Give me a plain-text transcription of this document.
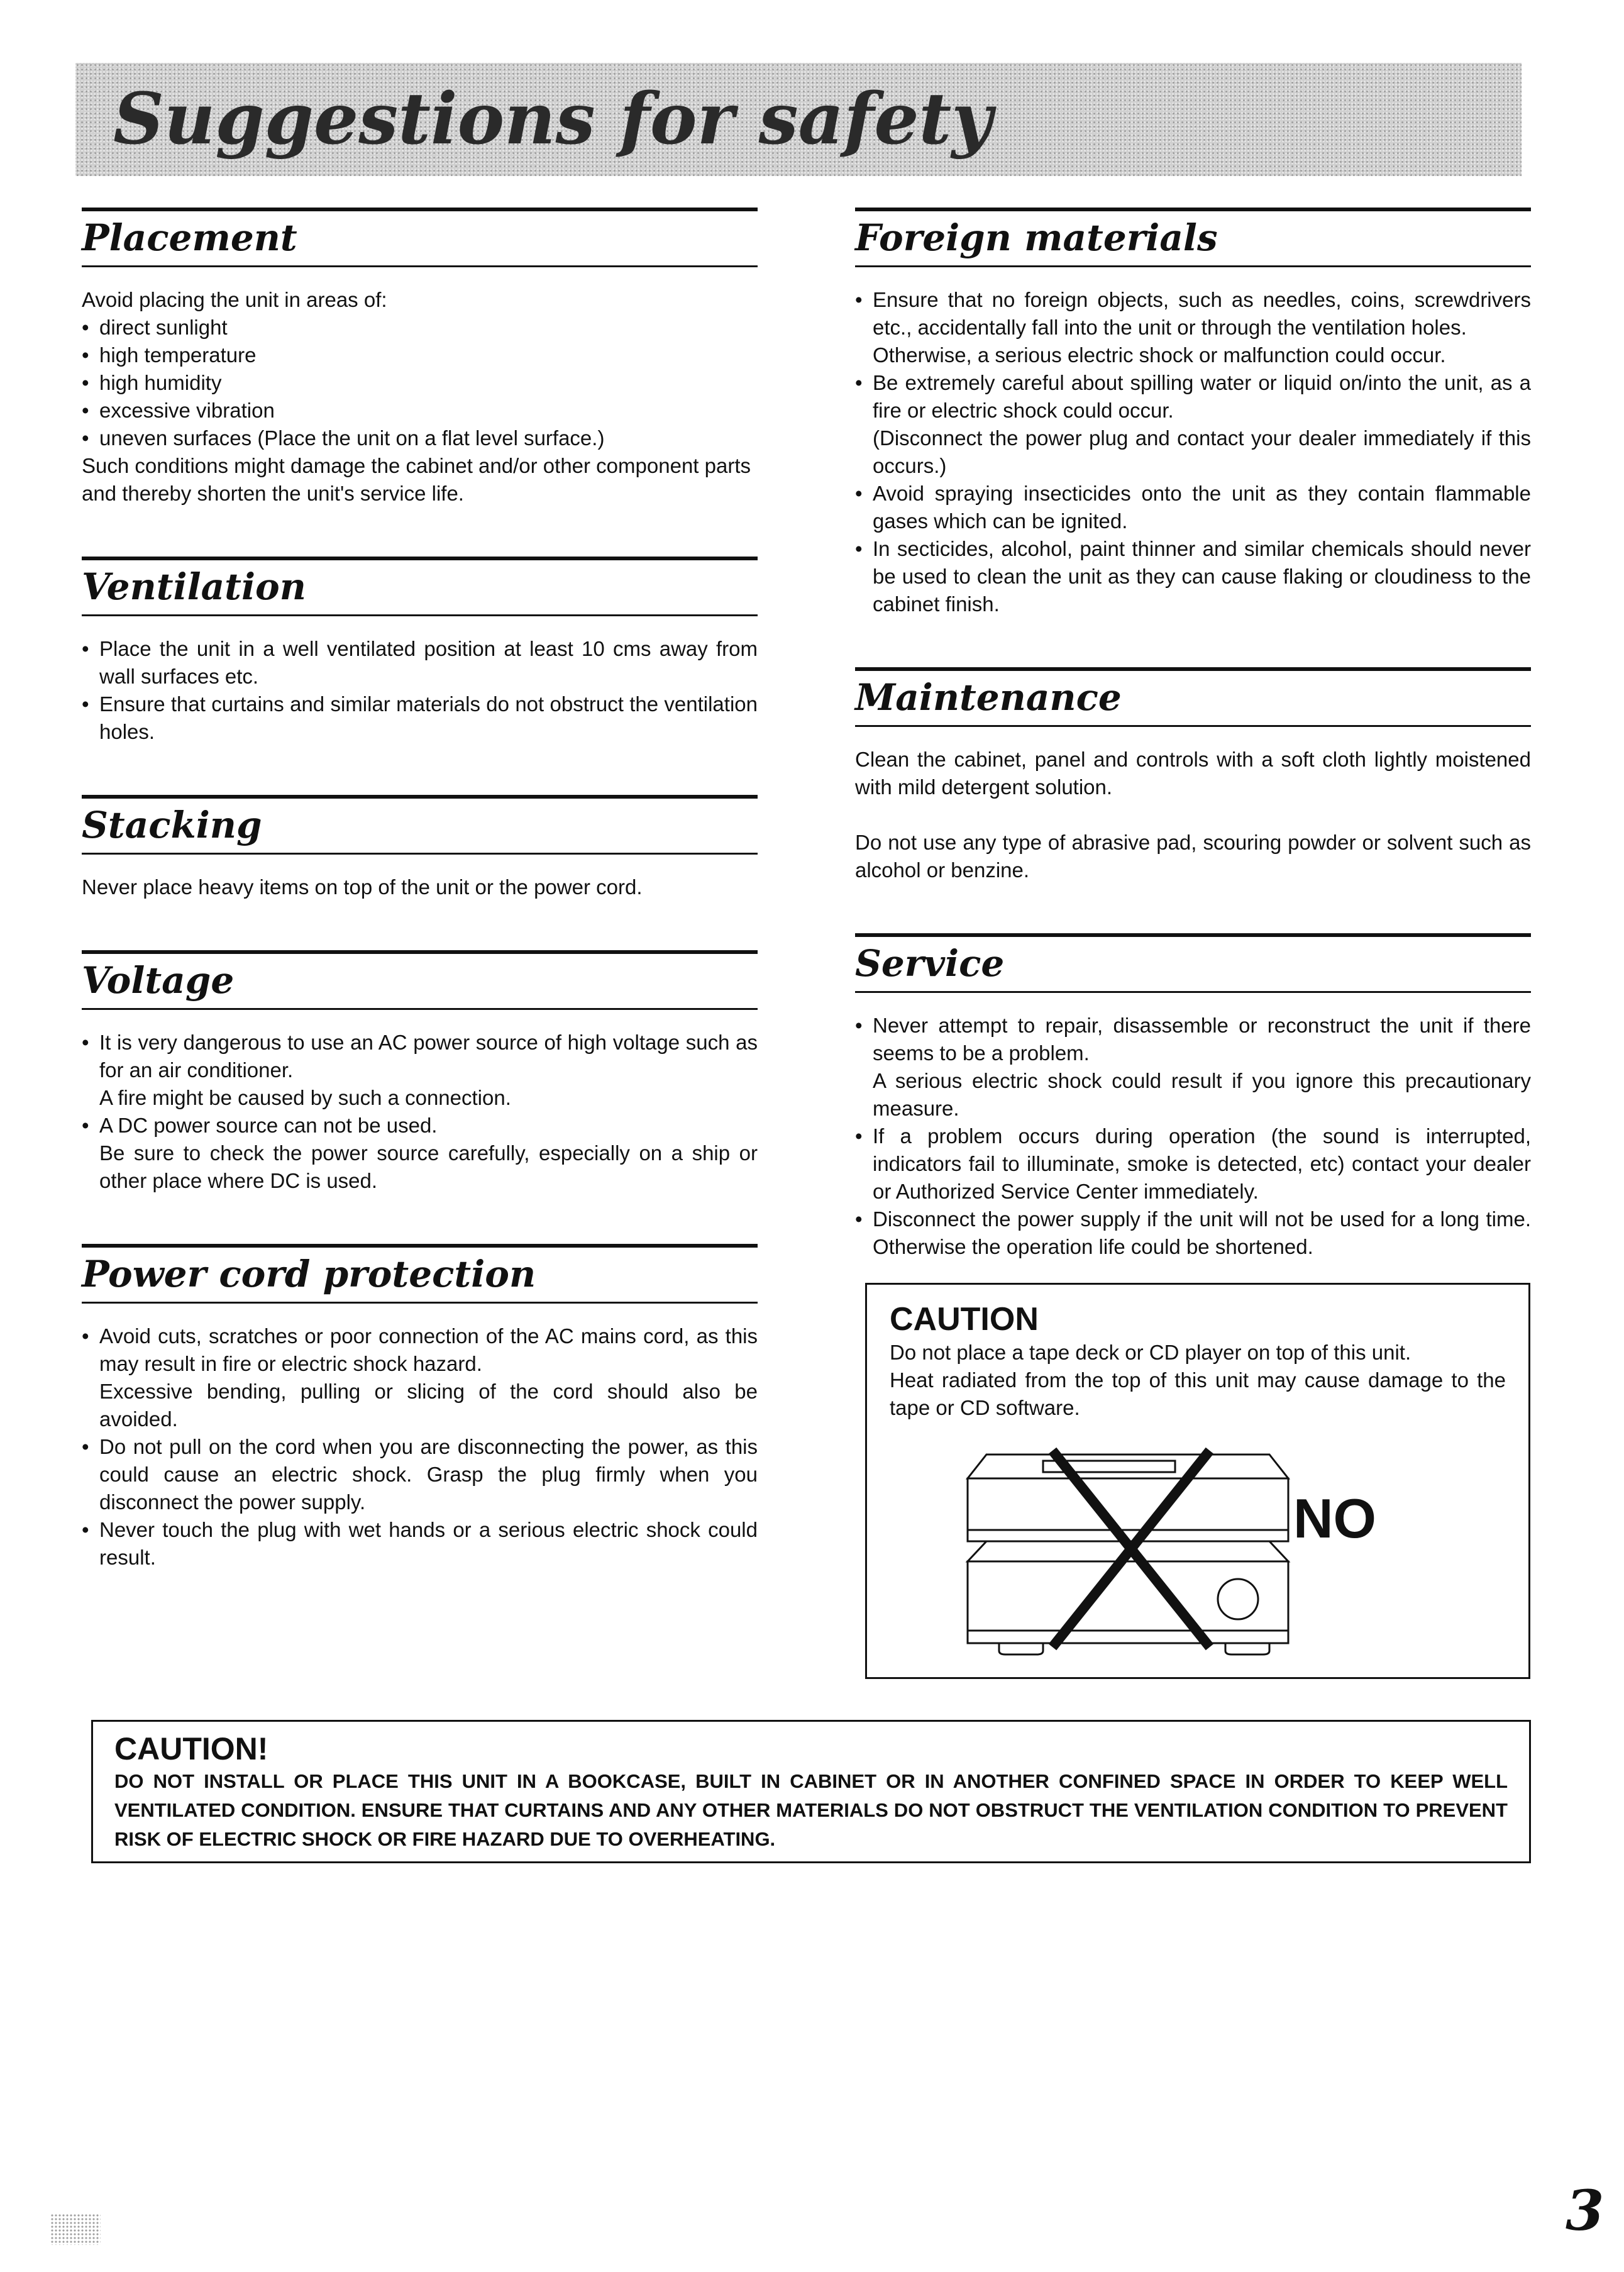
Suggestions for safety
Placement

Avoid placing the unit in areas of:

• direct sunlight

• high temperature

• high humidity

• excessive vibration

• uneven surfaces (Place the unit on a flat level surface.)

Such conditions might damage the cabinet and/or other component parts and thereby shorten the unit's service life.

Ventilation

• Place the unit in a well ventilated position at least 10 cms away from wall surfaces etc.

• Ensure that curtains and similar materials do not obstruct the ventilation holes.

Stacking

Never place heavy items on top of the unit or the power cord.

Voltage

• It is very dangerous to use an AC power source of high voltage such as for an air conditioner.

A fire might be caused by such a connection.

• A DC power source can not be used.

Be sure to check the power source carefully, especially on a ship or other place where DC is used.

Power cord protection

• Avoid cuts, scratches or poor connection of the AC mains cord, as this may result in fire or electric shock hazard.

Excessive bending, pulling or slicing of the cord should also be avoided.

• Do not pull on the cord when you are disconnecting the power, as this could cause an electric shock. Grasp the plug firmly when you disconnect the power supply.

• Never touch the plug with wet hands or a serious electric shock could result.

Foreign materials

• Ensure that no foreign objects, such as needles, coins, screwdrivers etc., accidentally fall into the unit or through the ventilation holes.

Otherwise, a serious electric shock or malfunction could occur.

• Be extremely careful about spilling water or liquid on/into the unit, as a fire or electric shock could occur.

(Disconnect the power plug and contact your dealer immediately if this occurs.)

• Avoid spraying insecticides onto the unit as they contain flammable gases which can be ignited.

• In secticides, alcohol, paint thinner and similar chemicals should never be used to clean the unit as they can cause flaking or cloudiness to the cabinet finish.

Maintenance

Clean the cabinet, panel and controls with a soft cloth lightly moistened with mild detergent solution.

Do not use any type of abrasive pad, scouring powder or solvent such as alcohol or benzine.

Service

• Never attempt to repair, disassemble or reconstruct the unit if there seems to be a problem.

A serious electric shock could result if you ignore this precautionary measure.

• If a problem occurs during operation (the sound is interrupted, indicators fail to illuminate, smoke is detected, etc) contact your dealer or Authorized Service Center immediately.

• Disconnect the power supply if the unit will not be used for a long time. Otherwise the operation life could be shortened.

CAUTION

Do not place a tape deck or CD player on top of this unit.

Heat radiated from the top of this unit may cause damage to the tape or CD software.

NO
CAUTION!
DO NOT INSTALL OR PLACE THIS UNIT IN A BOOKCASE, BUILT IN CABINET OR IN ANOTHER CONFINED SPACE IN ORDER TO KEEP WELL VENTILATED CONDITION. ENSURE THAT CURTAINS AND ANY OTHER MATERIALS DO NOT OBSTRUCT THE VENTILATION CONDITION TO PREVENT RISK OF ELECTRIC SHOCK OR FIRE HAZARD DUE TO OVERHEATING.
3
